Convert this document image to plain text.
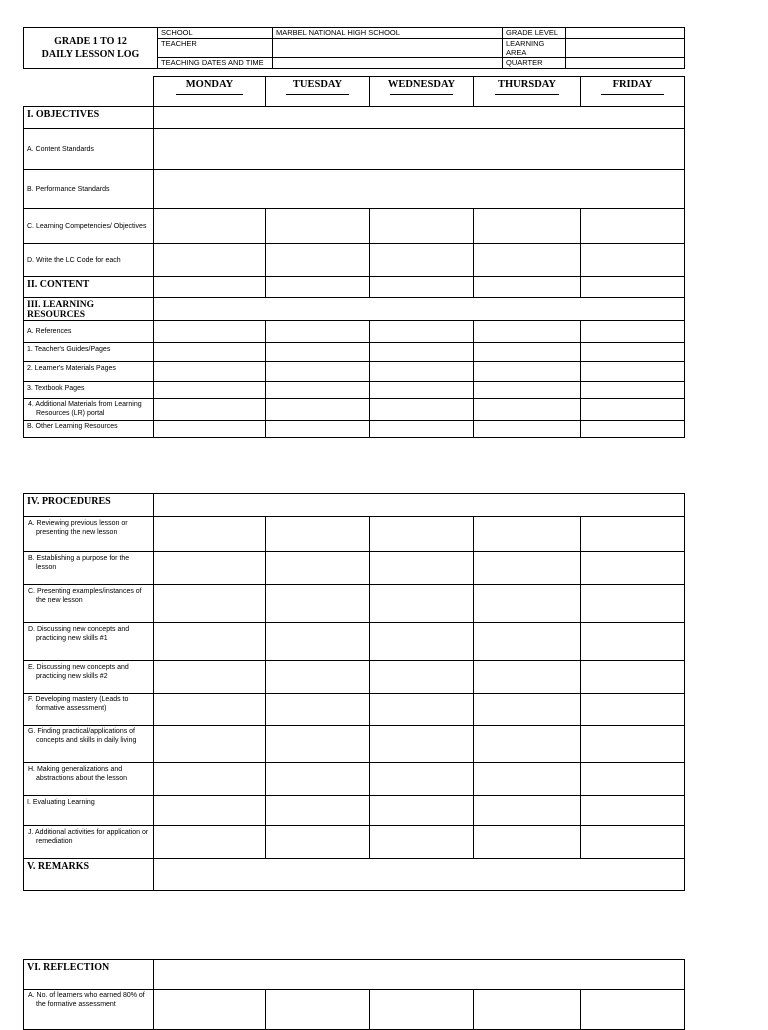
GRADE 1 TO 12
DAILY LESSON LOG	SCHOOL	MARBEL NATIONAL HIGH SCHOOL	GRADE LEVEL	
	TEACHER		LEARNING AREA	
	TEACHING DATES AND TIME		QUARTER	
	MONDAY	TUESDAY	WEDNESDAY	THURSDAY	FRIDAY

I. OBJECTIVES					
A. Content Standards					
B. Performance Standards					
C. Learning Competencies/ Objectives					
D. Write the LC Code for each					
II. CONTENT					
III. LEARNING RESOURCES					
A. References					
1. Teacher's Guides/Pages					
2. Learner's Materials Pages					
3. Textbook Pages					
4. Additional Materials from Learning Resources (LR) portal					
B. Other Learning Resources					
IV. PROCEDURES					
A. Reviewing previous lesson or presenting the new lesson					
B. Establishing a purpose for the lesson					
C. Presenting examples/instances of the new lesson					
D. Discussing new concepts and practicing new skills #1					
E. Discussing new concepts and practicing new skills #2					
F. Developing mastery (Leads to formative assessment)					
G. Finding practical/applications of concepts and skills in daily living					
H. Making generalizations and abstractions about the lesson					
I. Evaluating Learning					
J. Additional activities for application or remediation					
V. REMARKS					
VI. REFLECTION					
A. No. of learners who earned 80% of the formative assessment					
